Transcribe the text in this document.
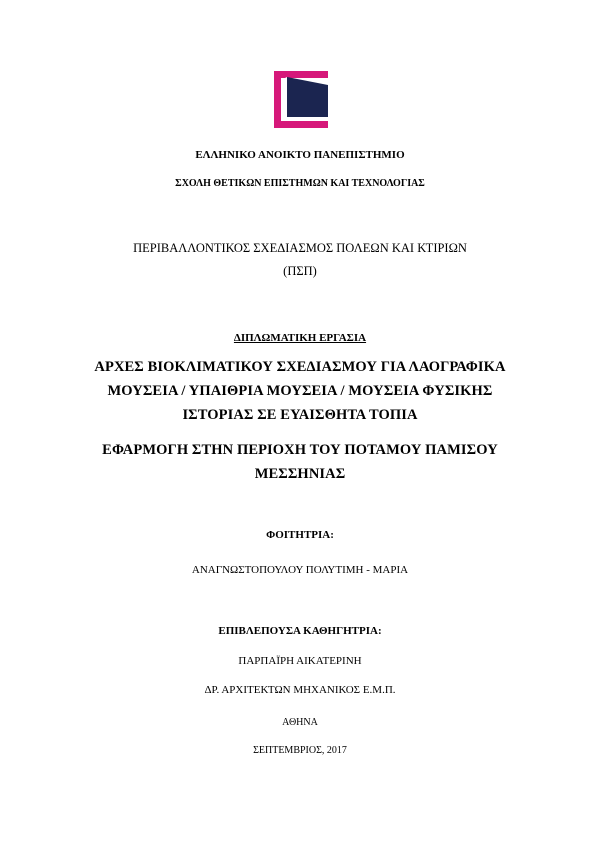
ΕΛΛΗΝΙΚΟ ΑΝΟΙΚΤΟ ΠΑΝΕΠΙΣΤΗΜΙΟ
ΣΧΟΛΗ ΘΕΤΙΚΩΝ ΕΠΙΣΤΗΜΩΝ ΚΑΙ ΤΕΧΝΟΛΟΓΙΑΣ
ΠΕΡΙΒΑΛΛΟΝΤΙΚΟΣ ΣΧΕΔΙΑΣΜΟΣ ΠΟΛΕΩΝ ΚΑΙ ΚΤΙΡΙΩΝ
(ΠΣΠ)
ΔΙΠΛΩΜΑΤΙΚΗ ΕΡΓΑΣΙΑ
ΑΡΧΕΣ ΒΙΟΚΛΙΜΑΤΙΚΟΥ ΣΧΕΔΙΑΣΜΟΥ ΓΙΑ ΛΑΟΓΡΑΦΙΚΑ
ΜΟΥΣΕΙΑ / ΥΠΑΙΘΡΙΑ ΜΟΥΣΕΙΑ / ΜΟΥΣΕΙΑ ΦΥΣΙΚΗΣ
ΙΣΤΟΡΙΑΣ ΣΕ ΕΥΑΙΣΘΗΤΑ ΤΟΠΙΑ
ΕΦΑΡΜΟΓΗ ΣΤΗΝ ΠΕΡΙΟΧΗ ΤΟΥ ΠΟΤΑΜΟΥ ΠΑΜΙΣΟΥ
ΜΕΣΣΗΝΙΑΣ
ΦΟΙΤΗΤΡΙΑ:
ΑΝΑΓΝΩΣΤΟΠΟΥΛΟΥ ΠΟΛΥΤΙΜΗ - ΜΑΡΙΑ
ΕΠΙΒΛΕΠΟΥΣΑ ΚΑΘΗΓΗΤΡΙΑ:
ΠΑΡΠΑΪΡΗ ΑΙΚΑΤΕΡΙΝΗ
ΔΡ. ΑΡΧΙΤΕΚΤΩΝ ΜΗΧΑΝΙΚΟΣ Ε.Μ.Π.
ΑΘΗΝΑ
ΣΕΠΤΕΜΒΡΙΟΣ, 2017
